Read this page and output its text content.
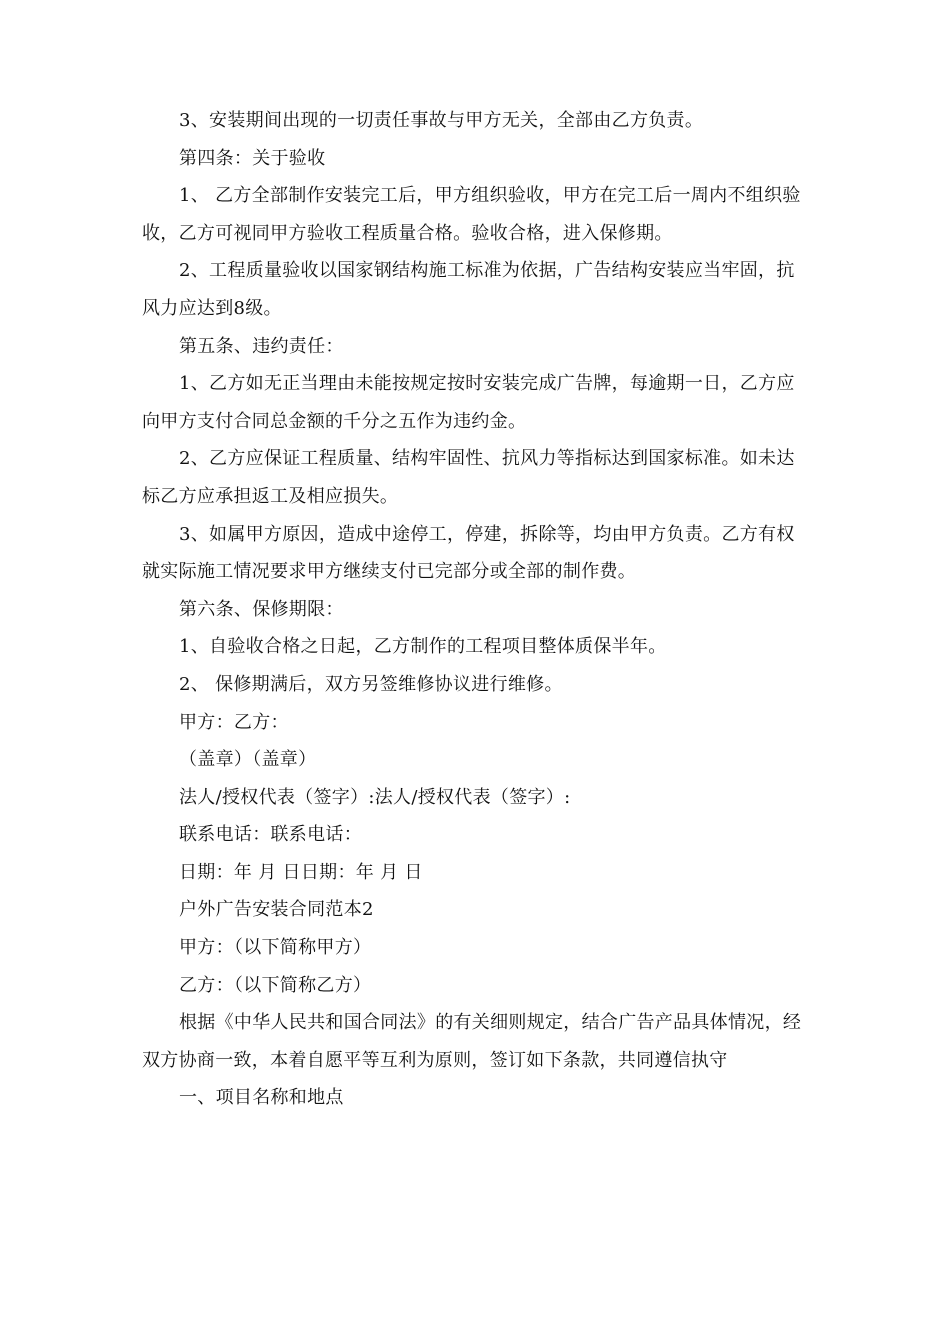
3、安装期间出现的一切责任事故与甲方无关，全部由乙方负责。

第四条：关于验收

1、 乙方全部制作安装完工后，甲方组织验收，甲方在完工后一周内不组织验收，乙方可视同甲方验收工程质量合格。验收合格，进入保修期。

2、工程质量验收以国家钢结构施工标准为依据，广告结构安装应当牢固，抗风力应达到8级。

第五条、违约责任：

1、乙方如无正当理由未能按规定按时安装完成广告牌，每逾期一日，乙方应向甲方支付合同总金额的千分之五作为违约金。

2、乙方应保证工程质量、结构牢固性、抗风力等指标达到国家标准。如未达标乙方应承担返工及相应损失。

3、如属甲方原因，造成中途停工，停建，拆除等，均由甲方负责。乙方有权就实际施工情况要求甲方继续支付已完部分或全部的制作费。

第六条、保修期限：

1、自验收合格之日起，乙方制作的工程项目整体质保半年。

2、 保修期满后，双方另签维修协议进行维修。

甲方：乙方：

（盖章）（盖章）

法人/授权代表（签字）:法人/授权代表（签字）:

联系电话：联系电话：

日期：年 月 日日期：年 月 日

户外广告安装合同范本2

甲方：（以下简称甲方）

乙方：（以下简称乙方）

根据《中华人民共和国合同法》的有关细则规定，结合广告产品具体情况，经双方协商一致，本着自愿平等互利为原则，签订如下条款，共同遵信执守

一、项目名称和地点
